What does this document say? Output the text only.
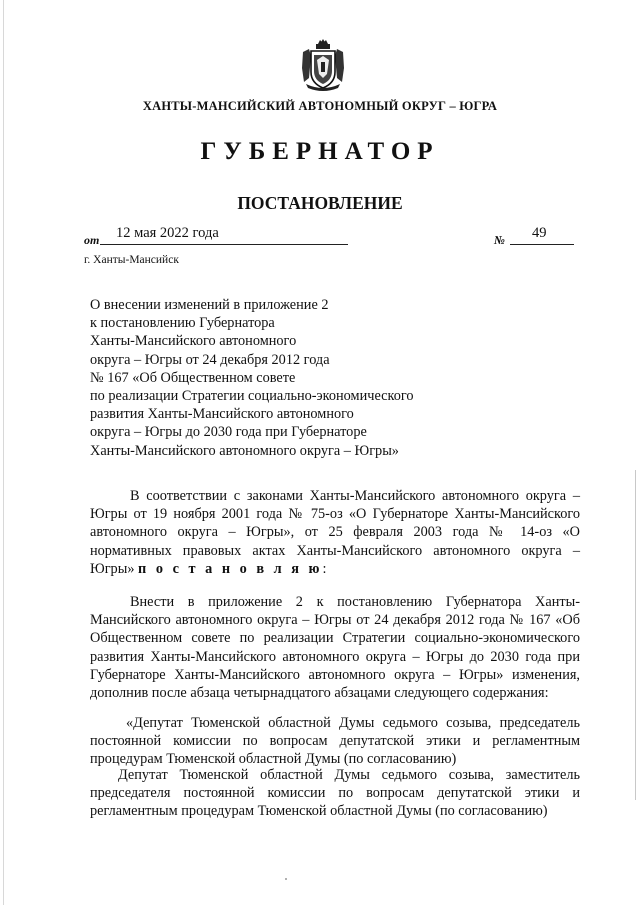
ХАНТЫ-МАНСИЙСКИЙ АВТОНОМНЫЙ ОКРУГ – ЮГРА
ГУБЕРНАТОР
ПОСТАНОВЛЕНИЕ
от 12 мая 2022 года	№ 49
г. Ханты-Мансийск
О внесении изменений в приложение 2
к постановлению Губернатора
Ханты-Мансийского автономного
округа – Югры от 24 декабря 2012 года
№ 167 «Об Общественном совете
по реализации Стратегии социально-экономического
развития Ханты-Мансийского автономного
округа – Югры до 2030 года при Губернаторе
Ханты-Мансийского автономного округа – Югры»

В соответствии с законами Ханты-Мансийского автономного округа – Югры от 19 ноября 2001 года № 75-оз «О Губернаторе Ханты-Мансийского автономного округа – Югры», от 25 февраля 2003 года № 14-оз «О нормативных правовых актах Ханты-Мансийского автономного округа – Югры» п о с т а н о в л я ю:

Внести в приложение 2 к постановлению Губернатора Ханты-Мансийского автономного округа – Югры от 24 декабря 2012 года № 167 «Об Общественном совете по реализации Стратегии социально-экономического развития Ханты-Мансийского автономного округа – Югры до 2030 года при Губернаторе Ханты-Мансийского автономного округа – Югры» изменения, дополнив после абзаца четырнадцатого абзацами следующего содержания:

«Депутат Тюменской областной Думы седьмого созыва, председатель постоянной комиссии по вопросам депутатской этики и регламентным процедурам Тюменской областной Думы (по согласованию)

Депутат Тюменской областной Думы седьмого созыва, заместитель председателя постоянной комиссии по вопросам депутатской этики и регламентным процедурам Тюменской областной Думы (по согласованию)
